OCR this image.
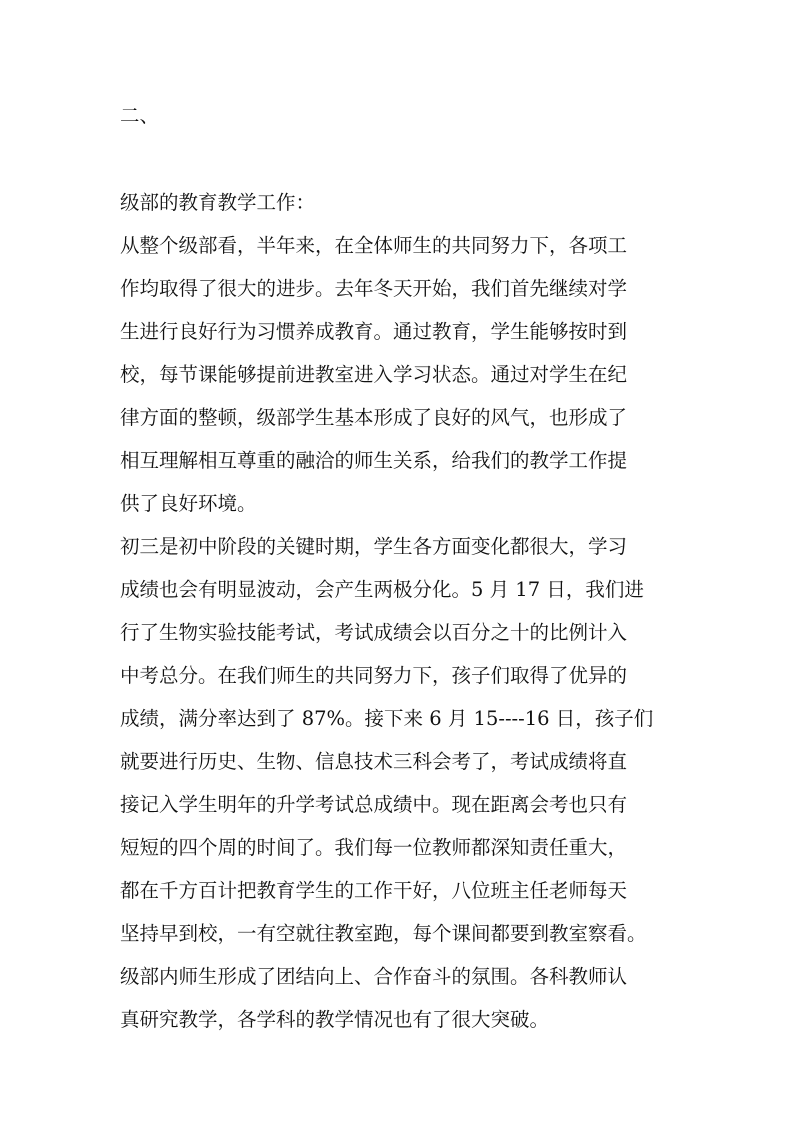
二、
级部的教育教学工作：
从整个级部看，半年来，在全体师生的共同努力下，各项工
作均取得了很大的进步。去年冬天开始，我们首先继续对学
生进行良好行为习惯养成教育。通过教育，学生能够按时到
校，每节课能够提前进教室进入学习状态。通过对学生在纪
律方面的整顿，级部学生基本形成了良好的风气，也形成了
相互理解相互尊重的融洽的师生关系，给我们的教学工作提
供了良好环境。
初三是初中阶段的关键时期，学生各方面变化都很大，学习
成绩也会有明显波动，会产生两极分化。5 月 17 日，我们进
行了生物实验技能考试，考试成绩会以百分之十的比例计入
中考总分。在我们师生的共同努力下，孩子们取得了优异的
成绩，满分率达到了 87%。接下来 6 月 15----16 日，孩子们
就要进行历史、生物、信息技术三科会考了，考试成绩将直
接记入学生明年的升学考试总成绩中。现在距离会考也只有
短短的四个周的时间了。我们每一位教师都深知责任重大，
都在千方百计把教育学生的工作干好，八位班主任老师每天
坚持早到校，一有空就往教室跑，每个课间都要到教室察看。
级部内师生形成了团结向上、合作奋斗的氛围。各科教师认
真研究教学，各学科的教学情况也有了很大突破。
